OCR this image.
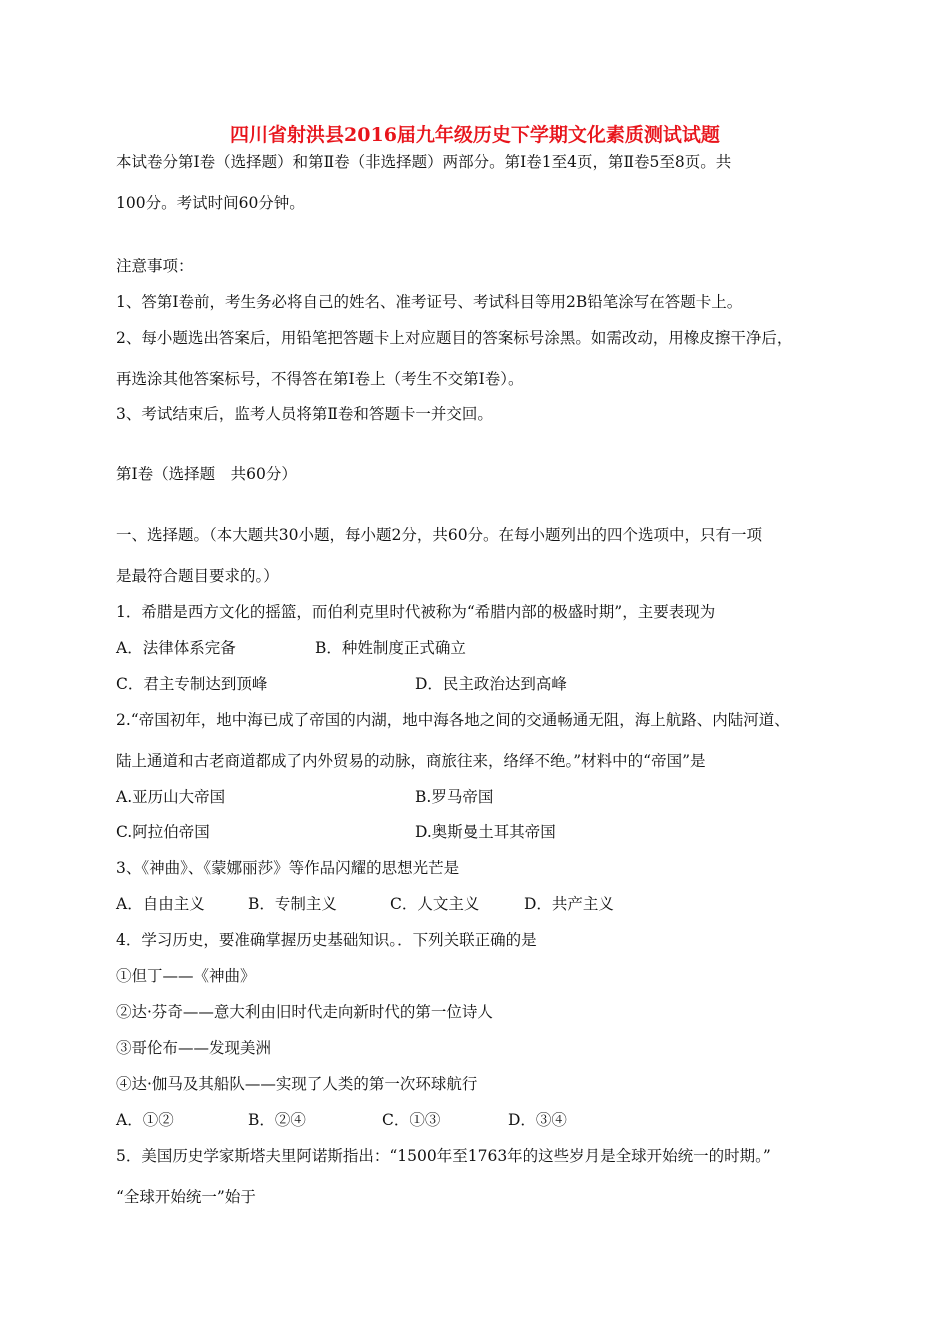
四川省射洪县2016届九年级历史下学期文化素质测试试题
本试卷分第Ⅰ卷（选择题）和第Ⅱ卷（非选择题）两部分。第Ⅰ卷1至4页，第Ⅱ卷5至8页。共
100分。考试时间60分钟。
注意事项：
1、答第Ⅰ卷前，考生务必将自己的姓名、准考证号、考试科目等用2B铅笔涂写在答题卡上。
2、每小题选出答案后，用铅笔把答题卡上对应题目的答案标号涂黑。如需改动，用橡皮擦干净后，
再选涂其他答案标号，不得答在第Ⅰ卷上（考生不交第Ⅰ卷）。
3、考试结束后，监考人员将第Ⅱ卷和答题卡一并交回。
第Ⅰ卷（选择题　共60分）
一、选择题。（本大题共30小题，每小题2分，共60分。在每小题列出的四个选项中，只有一项
是最符合题目要求的。）
1．希腊是西方文化的摇篮，而伯利克里时代被称为“希腊内部的极盛时期”，主要表现为
A．法律体系完备	B．种姓制度正式确立
C．君主专制达到顶峰	D．民主政治达到高峰
2.“帝国初年，地中海已成了帝国的内湖，地中海各地之间的交通畅通无阻，海上航路、内陆河道、
陆上通道和古老商道都成了内外贸易的动脉，商旅往来，络绎不绝。”材料中的“帝国”是
A.亚历山大帝国	B.罗马帝国
C.阿拉伯帝国	D.奥斯曼土耳其帝国
3、《神曲》、《蒙娜丽莎》等作品闪耀的思想光芒是
A．自由主义	B．专制主义	C．人文主义	D．共产主义
4．学习历史，要准确掌握历史基础知识。．下列关联正确的是
①但丁——《神曲》
②达·芬奇——意大利由旧时代走向新时代的第一位诗人
③哥伦布——发现美洲
④达·伽马及其船队——实现了人类的第一次环球航行
A．①②	B．②④	C．①③	D．③④
5．美国历史学家斯塔夫里阿诺斯指出：“1500年至1763年的这些岁月是全球开始统一的时期。”
“全球开始统一”始于
